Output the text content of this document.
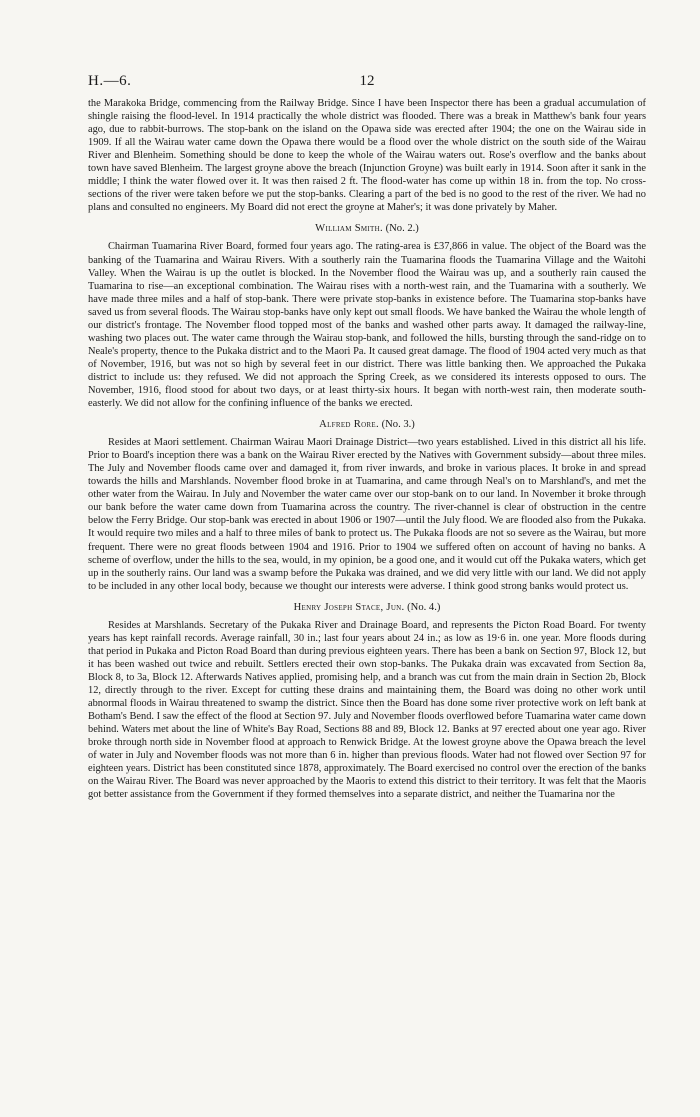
H.—6.	12

the Marakoka Bridge, commencing from the Railway Bridge. Since I have been Inspector there has been a gradual accumulation of shingle raising the flood-level. In 1914 practically the whole district was flooded. There was a break in Matthew's bank four years ago, due to rabbit-burrows. The stop-bank on the island on the Opawa side was erected after 1904; the one on the Wairau side in 1909. If all the Wairau water came down the Opawa there would be a flood over the whole district on the south side of the Wairau River and Blenheim. Something should be done to keep the whole of the Wairau waters out. Rose's overflow and the banks about town have saved Blenheim. The largest groyne above the breach (Injunction Groyne) was built early in 1914. Soon after it sank in the middle; I think the water flowed over it. It was then raised 2 ft. The flood-water has come up within 18 in. from the top. No cross-sections of the river were taken before we put the stop-banks. Clearing a part of the bed is no good to the rest of the river. We had no plans and consulted no engineers. My Board did not erect the groyne at Maher's; it was done privately by Maher.

William Smith. (No. 2.)

Chairman Tuamarina River Board, formed four years ago. The rating-area is £37,866 in value. The object of the Board was the banking of the Tuamarina and Wairau Rivers. With a southerly rain the Tuamarina floods the Tuamarina Village and the Waitohi Valley. When the Wairau is up the outlet is blocked. In the November flood the Wairau was up, and a southerly rain caused the Tuamarina to rise—an exceptional combination. The Wairau rises with a north-west rain, and the Tuamarina with a southerly. We have made three miles and a half of stop-bank. There were private stop-banks in existence before. The Tuamarina stop-banks have saved us from several floods. The Wairau stop-banks have only kept out small floods. We have banked the Wairau the whole length of our district's frontage. The November flood topped most of the banks and washed other parts away. It damaged the railway-line, washing two places out. The water came through the Wairau stop-bank, and followed the hills, bursting through the sand-ridge on to Neale's property, thence to the Pukaka district and to the Maori Pa. It caused great damage. The flood of 1904 acted very much as that of November, 1916, but was not so high by several feet in our district. There was little banking then. We approached the Pukaka district to include us: they refused. We did not approach the Spring Creek, as we considered its interests opposed to ours. The November, 1916, flood stood for about two days, or at least thirty-six hours. It began with north-west rain, then moderate south-easterly. We did not allow for the confining influence of the banks we erected.

Alfred Rore. (No. 3.)

Resides at Maori settlement. Chairman Wairau Maori Drainage District—two years established. Lived in this district all his life. Prior to Board's inception there was a bank on the Wairau River erected by the Natives with Government subsidy—about three miles. The July and November floods came over and damaged it, from river inwards, and broke in various places. It broke in and spread towards the hills and Marshlands. November flood broke in at Tuamarina, and came through Neal's on to Marshland's, and met the other water from the Wairau. In July and November the water came over our stop-bank on to our land. In November it broke through our bank before the water came down from Tuamarina across the country. The river-channel is clear of obstruction in the centre below the Ferry Bridge. Our stop-bank was erected in about 1906 or 1907—until the July flood. We are flooded also from the Pukaka. It would require two miles and a half to three miles of bank to protect us. The Pukaka floods are not so severe as the Wairau, but more frequent. There were no great floods between 1904 and 1916. Prior to 1904 we suffered often on account of having no banks. A scheme of overflow, under the hills to the sea, would, in my opinion, be a good one, and it would cut off the Pukaka waters, which get up in the southerly rains. Our land was a swamp before the Pukaka was drained, and we did very little with our land. We did not apply to be included in any other local body, because we thought our interests were adverse. I think good strong banks would protect us.

Henry Joseph Stace, Jun. (No. 4.)

Resides at Marshlands. Secretary of the Pukaka River and Drainage Board, and represents the Picton Road Board. For twenty years has kept rainfall records. Average rainfall, 30 in.; last four years about 24 in.; as low as 19·6 in. one year. More floods during that period in Pukaka and Picton Road Board than during previous eighteen years. There has been a bank on Section 97, Block 12, but it has been washed out twice and rebuilt. Settlers erected their own stop-banks. The Pukaka drain was excavated from Section 8a, Block 8, to 3a, Block 12. Afterwards Natives applied, promising help, and a branch was cut from the main drain in Section 2b, Block 12, directly through to the river. Except for cutting these drains and maintaining them, the Board was doing no other work until abnormal floods in Wairau threatened to swamp the district. Since then the Board has done some river protective work on left bank at Botham's Bend. I saw the effect of the flood at Section 97. July and November floods overflowed before Tuamarina water came down behind. Waters met about the line of White's Bay Road, Sections 88 and 89, Block 12. Banks at 97 erected about one year ago. River broke through north side in November flood at approach to Renwick Bridge. At the lowest groyne above the Opawa breach the level of water in July and November floods was not more than 6 in. higher than previous floods. Water had not flowed over Section 97 for eighteen years. District has been constituted since 1878, approximately. The Board exercised no control over the erection of the banks on the Wairau River. The Board was never approached by the Maoris to extend this district to their territory. It was felt that the Maoris got better assistance from the Government if they formed themselves into a separate district, and neither the Tuamarina nor the
